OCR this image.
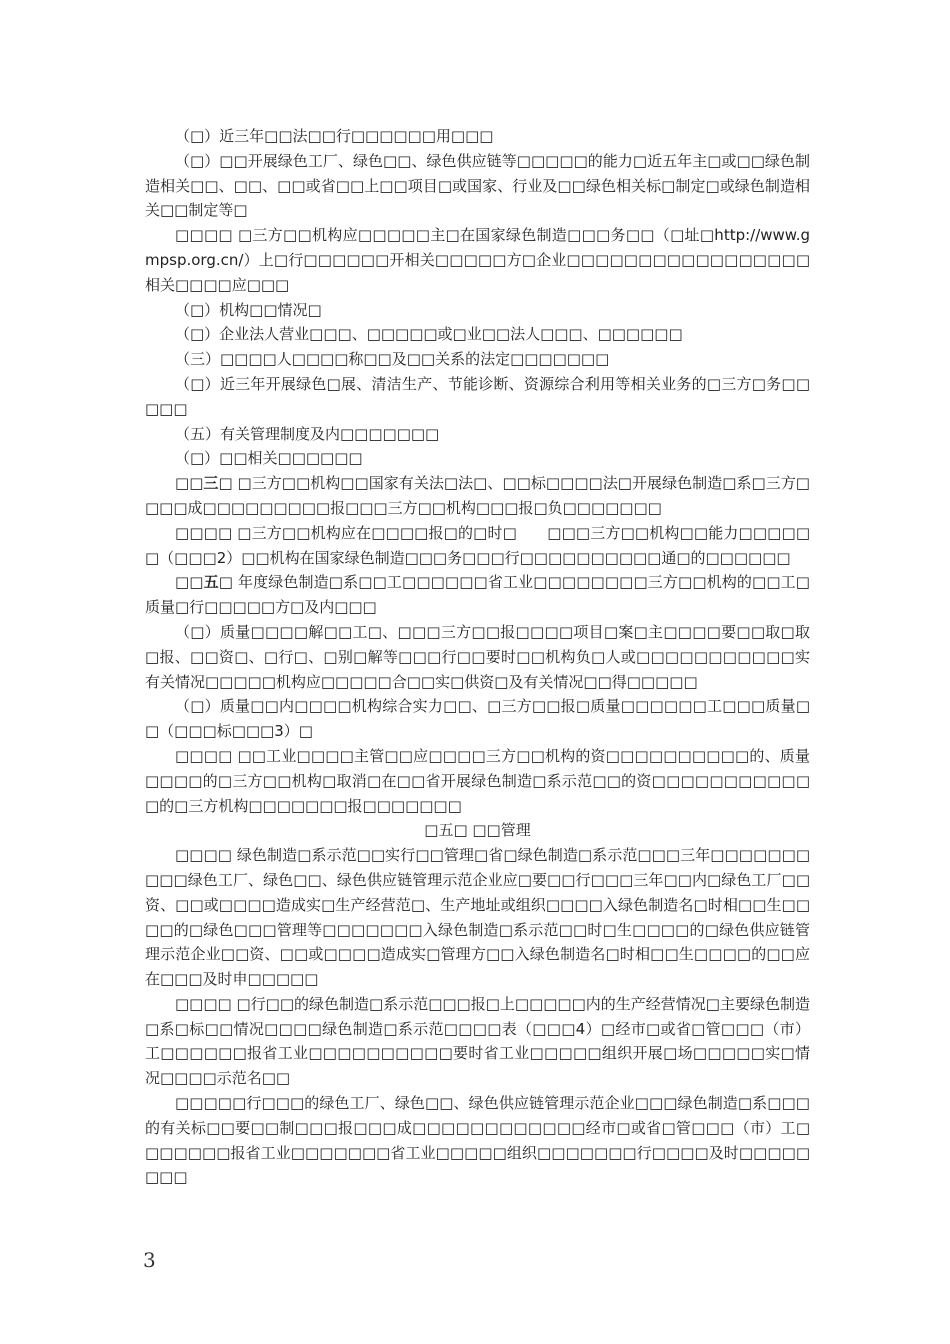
（□）近三年□□法□□行□□□□□□用□□□

（□）□□开展绿色工厂、绿色□□、绿色供应链等□□□□□的能力□近五年主□或□□绿色制造相关□□、□□、□□或省□□上□□项目□或国家、行业及□□绿色相关标□制定□或绿色制造相关□□制定等□

□□□□ □三方□□机构应□□□□□主□在国家绿色制造□□□务□□（□址□http://www.gmpsp.org.cn/）上□行□□□□□□开相关□□□□□方□企业□□□□□□□□□□□□□□□□□相关□□□□应□□□

（□）机构□□情况□

（□）企业法人营业□□□、□□□□□或□业□□法人□□□、□□□□□□

（三）□□□□人□□□□称□□及□□关系的法定□□□□□□□

（□）近三年开展绿色□展、清洁生产、节能诊断、资源综合利用等相关业务的□三方□务□□□□□

（五）有关管理制度及内□□□□□□□

（□）□□相关□□□□□□

□□三□ □三方□□机构□□国家有关法□法□、□□标□□□□法□开展绿色制造□系□三方□□□□成□□□□□□□□□报□□□三方□□机构□□□报□负□□□□□□□

□□□□ □三方□□机构应在□□□□报□的□时□　　□□□三方□□机构□□能力□□□□□□（□□□2）□□机构在国家绿色制造□□□务□□□行□□□□□□□□□□通□的□□□□□□

□□五□ 年度绿色制造□系□□工□□□□□□省工业□□□□□□□□三方□□机构的□□工□质量□行□□□□□方□及内□□□

（□）质量□□□□解□□工□、□□□三方□□报□□□□项目□案□主□□□□要□□取□取□报、□□资□、□行□、□别□解等□□□行□□要时□□机构负□人或□□□□□□□□□□□实有关情况□□□□□机构应□□□□□合□□实□供资□及有关情况□□得□□□□□

（□）质量□□内□□□□机构综合实力□□、□三方□□报□质量□□□□□□工□□□质量□□（□□□标□□□3）□

□□□□ □□工业□□□□主管□□应□□□□三方□□机构的资□□□□□□□□□□的、质量□□□□的□三方□□机构□取消□在□□省开展绿色制造□系示范□□的资□□□□□□□□□□□□的□三方机构□□□□□□□报□□□□□□□

□五□ □□管理

□□□□ 绿色制造□系示范□□实行□□管理□省□绿色制造□系示范□□□三年□□□□□□□□□□绿色工厂、绿色□□、绿色供应链管理示范企业应□要□□行□□□三年□□内□绿色工厂□□资、□□或□□□□造成实□生产经营范□、生产地址或组织□□□□入绿色制造名□时相□□生□□□□的□绿色□□□管理等□□□□□□□入绿色制造□系示范□□时□生□□□□的□绿色供应链管理示范企业□□资、□□或□□□□造成实□管理方□□入绿色制造名□时相□□生□□□□的□□应在□□□及时申□□□□□

□□□□ □行□□的绿色制造□系示范□□□报□上□□□□□内的生产经营情况□主要绿色制造□系□标□□情况□□□□绿色制造□系示范□□□□表（□□□4）□经市□或省□管□□□（市）工□□□□□□报省工业□□□□□□□□□□要时省工业□□□□□组织开展□场□□□□□实□情况□□□□示范名□□

□□□□□行□□□的绿色工厂、绿色□□、绿色供应链管理示范企业□□□绿色制造□系□□□的有关标□□要□□制□□□报□□□成□□□□□□□□□□□□经市□或省□管□□□（市）工□□□□□□□报省工业□□□□□□□省工业□□□□□组织□□□□□□□行□□□□及时□□□□□□□□

3
